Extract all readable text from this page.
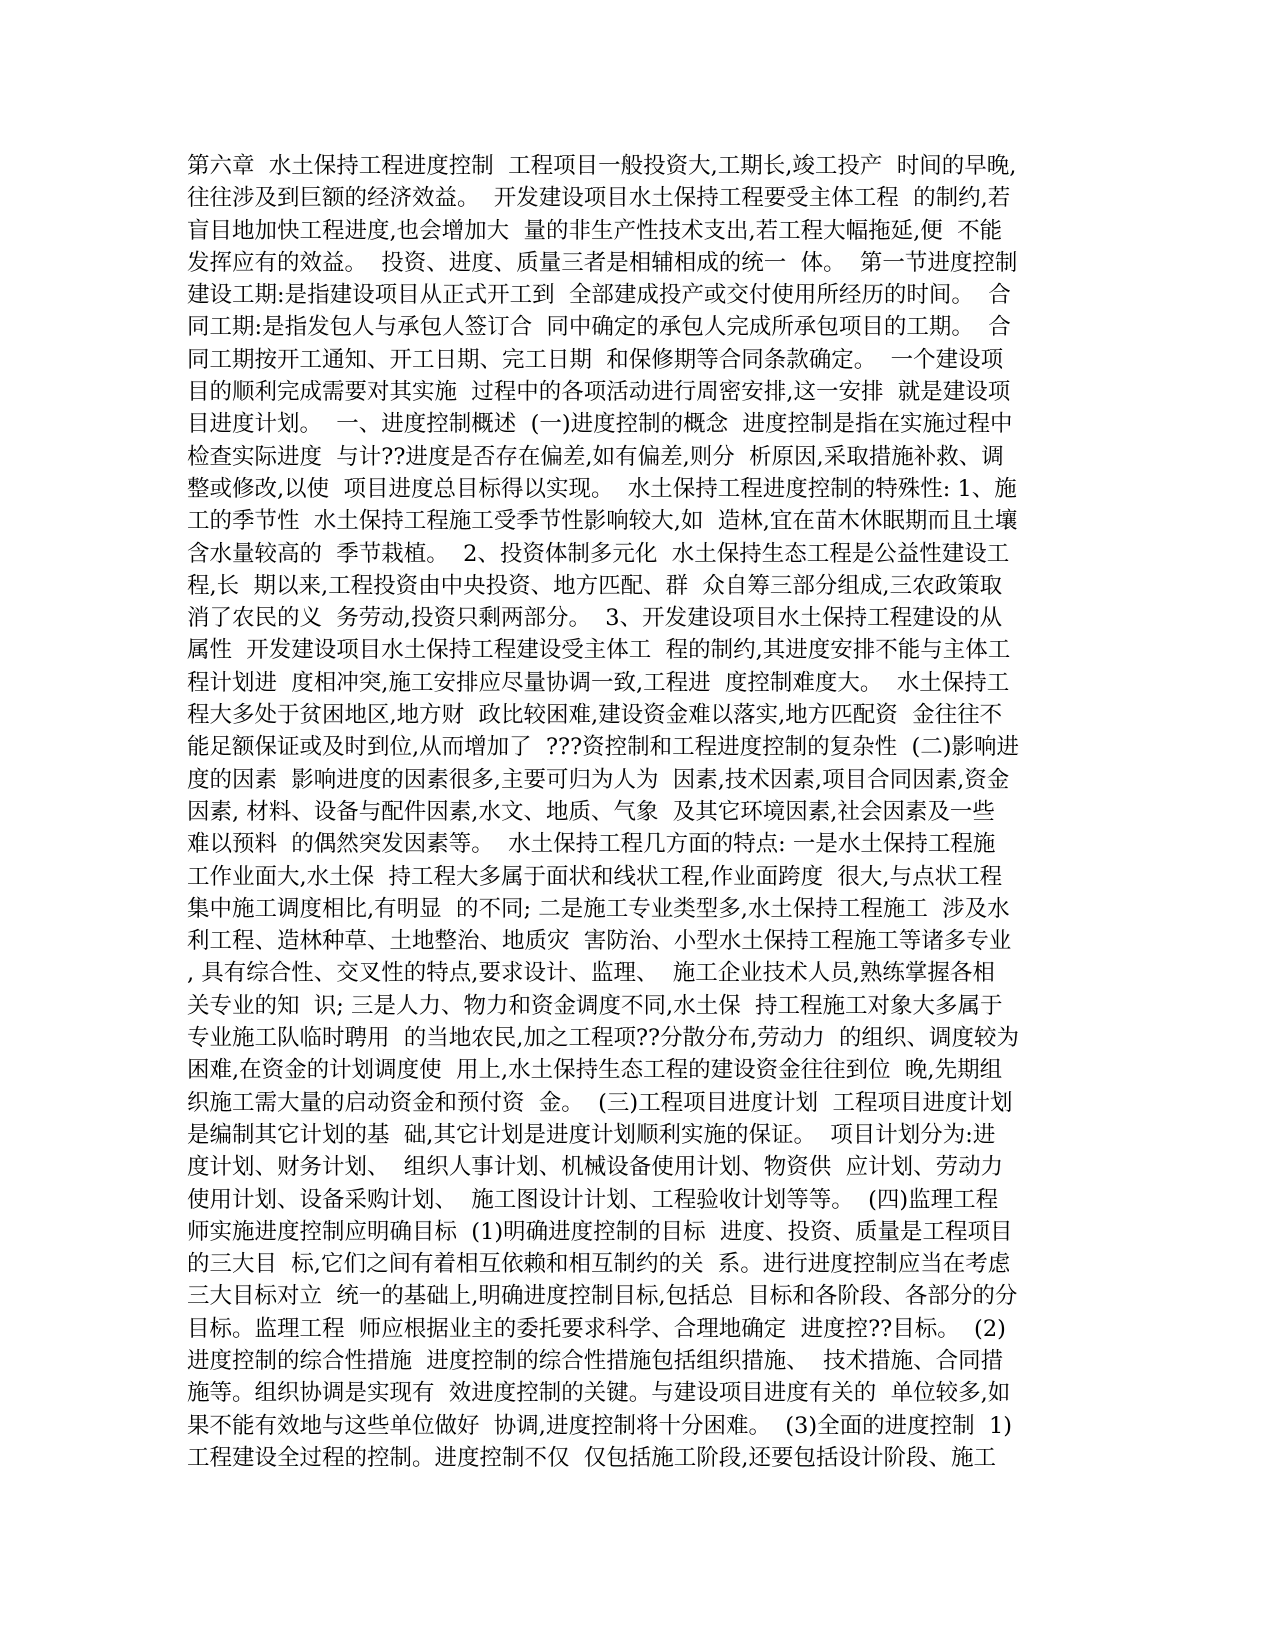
第六章  水土保持工程进度控制  工程项目一般投资大,工期长,竣工投产  时间的早晚,
往往涉及到巨额的经济效益。  开发建设项目水土保持工程要受主体工程  的制约,若
盲目地加快工程进度,也会增加大  量的非生产性技术支出,若工程大幅拖延,便  不能
发挥应有的效益。  投资、进度、质量三者是相辅相成的统一  体。  第一节进度控制
建设工期:是指建设项目从正式开工到  全部建成投产或交付使用所经历的时间。  合
同工期:是指发包人与承包人签订合  同中确定的承包人完成所承包项目的工期。  合
同工期按开工通知、开工日期、完工日期  和保修期等合同条款确定。  一个建设项
目的顺利完成需要对其实施  过程中的各项活动进行周密安排,这一安排  就是建设项
目进度计划。  一、进度控制概述  (一)进度控制的概念  进度控制是指在实施过程中
检查实际进度  与计??进度是否存在偏差,如有偏差,则分  析原因,采取措施补救、调
整或修改,以使  项目进度总目标得以实现。  水土保持工程进度控制的特殊性: 1、施
工的季节性  水土保持工程施工受季节性影响较大,如  造林,宜在苗木休眠期而且土壤
含水量较高的  季节栽植。  2、投资体制多元化  水土保持生态工程是公益性建设工
程,长  期以来,工程投资由中央投资、地方匹配、群  众自筹三部分组成,三农政策取
消了农民的义  务劳动,投资只剩两部分。  3、开发建设项目水土保持工程建设的从
属性  开发建设项目水土保持工程建设受主体工  程的制约,其进度安排不能与主体工
程计划进  度相冲突,施工安排应尽量协调一致,工程进  度控制难度大。  水土保持工
程大多处于贫困地区,地方财  政比较困难,建设资金难以落实,地方匹配资  金往往不
能足额保证或及时到位,从而增加了  ???资控制和工程进度控制的复杂性  (二)影响进
度的因素  影响进度的因素很多,主要可归为人为  因素,技术因素,项目合同因素,资金
因素, 材料、设备与配件因素,水文、地质、气象  及其它环境因素,社会因素及一些
难以预料  的偶然突发因素等。  水土保持工程几方面的特点: 一是水土保持工程施
工作业面大,水土保  持工程大多属于面状和线状工程,作业面跨度  很大,与点状工程
集中施工调度相比,有明显  的不同; 二是施工专业类型多,水土保持工程施工  涉及水
利工程、造林种草、土地整治、地质灾  害防治、小型水土保持工程施工等诸多专业
, 具有综合性、交叉性的特点,要求设计、监理、  施工企业技术人员,熟练掌握各相
关专业的知  识; 三是人力、物力和资金调度不同,水土保  持工程施工对象大多属于
专业施工队临时聘用  的当地农民,加之工程项??分散分布,劳动力  的组织、调度较为
困难,在资金的计划调度使  用上,水土保持生态工程的建设资金往往到位  晚,先期组
织施工需大量的启动资金和预付资  金。  (三)工程项目进度计划  工程项目进度计划
是编制其它计划的基  础,其它计划是进度计划顺利实施的保证。  项目计划分为:进
度计划、财务计划、  组织人事计划、机械设备使用计划、物资供  应计划、劳动力
使用计划、设备采购计划、  施工图设计计划、工程验收计划等等。  (四)监理工程
师实施进度控制应明确目标  (1)明确进度控制的目标  进度、投资、质量是工程项目
的三大目  标,它们之间有着相互依赖和相互制约的关  系。进行进度控制应当在考虑
三大目标对立  统一的基础上,明确进度控制目标,包括总  目标和各阶段、各部分的分
目标。监理工程  师应根据业主的委托要求科学、合理地确定  进度控??目标。  (2)
进度控制的综合性措施  进度控制的综合性措施包括组织措施、  技术措施、合同措
施等。组织协调是实现有  效进度控制的关键。与建设项目进度有关的  单位较多,如
果不能有效地与这些单位做好  协调,进度控制将十分困难。  (3)全面的进度控制  1)
工程建设全过程的控制。进度控制不仅  仅包括施工阶段,还要包括设计阶段、施工
